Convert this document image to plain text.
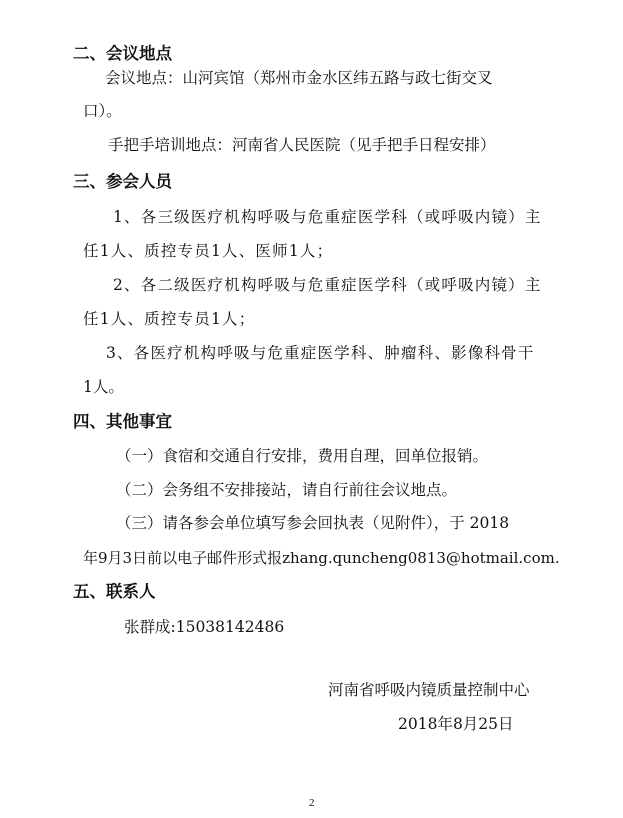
二、会议地点
会议地点：山河宾馆（郑州市金水区纬五路与政七街交叉
口）。
手把手培训地点：河南省人民医院（见手把手日程安排）
三、参会人员
1、各三级医疗机构呼吸与危重症医学科（或呼吸内镜）主
任1人、质控专员1人、医师1人；
2、各二级医疗机构呼吸与危重症医学科（或呼吸内镜）主
任1人、质控专员1人；
3、各医疗机构呼吸与危重症医学科、肿瘤科、影像科骨干
1人。
四、其他事宜
（一）食宿和交通自行安排，费用自理，回单位报销。
（二）会务组不安排接站，请自行前往会议地点。
（三）请各参会单位填写参会回执表（见附件），于 2018
年9月3日前以电子邮件形式报zhang.quncheng0813@hotmail.com.
五、联系人
张群成:15038142486
河南省呼吸内镜质量控制中心
2018年8月25日
2
